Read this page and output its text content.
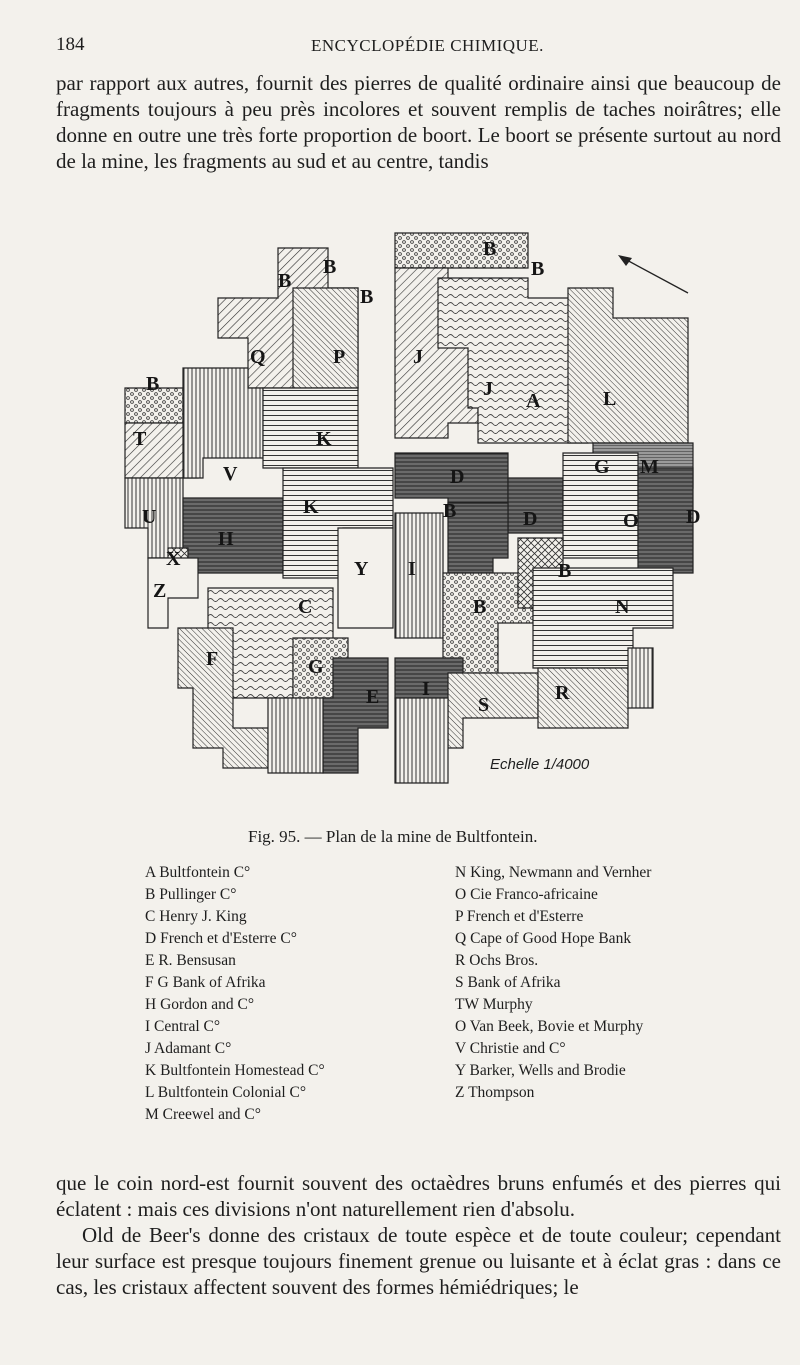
184	ENCYCLOPÉDIE CHIMIQUE.
par rapport aux autres, fournit des pierres de qualité ordinaire ainsi que beaucoup de fragments toujours à peu près incolores et souvent remplis de taches noirâtres; elle donne en outre une très forte proportion de boort. Le boort se présente surtout au nord de la mine, les fragments au sud et au centre, tandis
B
B
B
B
B
Q	P	J
J
A	L
B
T	K
V	G M
U	K
D
B	D	O D
H
X	Y I
B
Z
C
B
N
F	G
E I
S
R
Echelle 1/4000
Fig. 95. — Plan de la mine de Bultfontein.
A Bultfontein C°
B Pullinger C°
C Henry J. King
D French et d'Esterre C°
E R. Bensusan
F G Bank of Afrika
H Gordon and C°
I Central C°
J Adamant C°
K Bultfontein Homestead C°
L Bultfontein Colonial C°
M Creewel and C°
N King, Newmann and Vernher
O Cie Franco-africaine
P French et d'Esterre
Q Cape of Good Hope Bank
R Ochs Bros.
S Bank of Afrika
TW Murphy
O Van Beek, Bovie et Murphy
V Christie and C°
Y Barker, Wells and Brodie
Z Thompson

que le coin nord-est fournit souvent des octaèdres bruns enfumés et des pierres qui éclatent : mais ces divisions n'ont naturellement rien d'absolu.

Old de Beer's donne des cristaux de toute espèce et de toute couleur; cependant leur surface est presque toujours finement grenue ou luisante et à éclat gras : dans ce cas, les cristaux affectent souvent des formes hémiédriques; le
